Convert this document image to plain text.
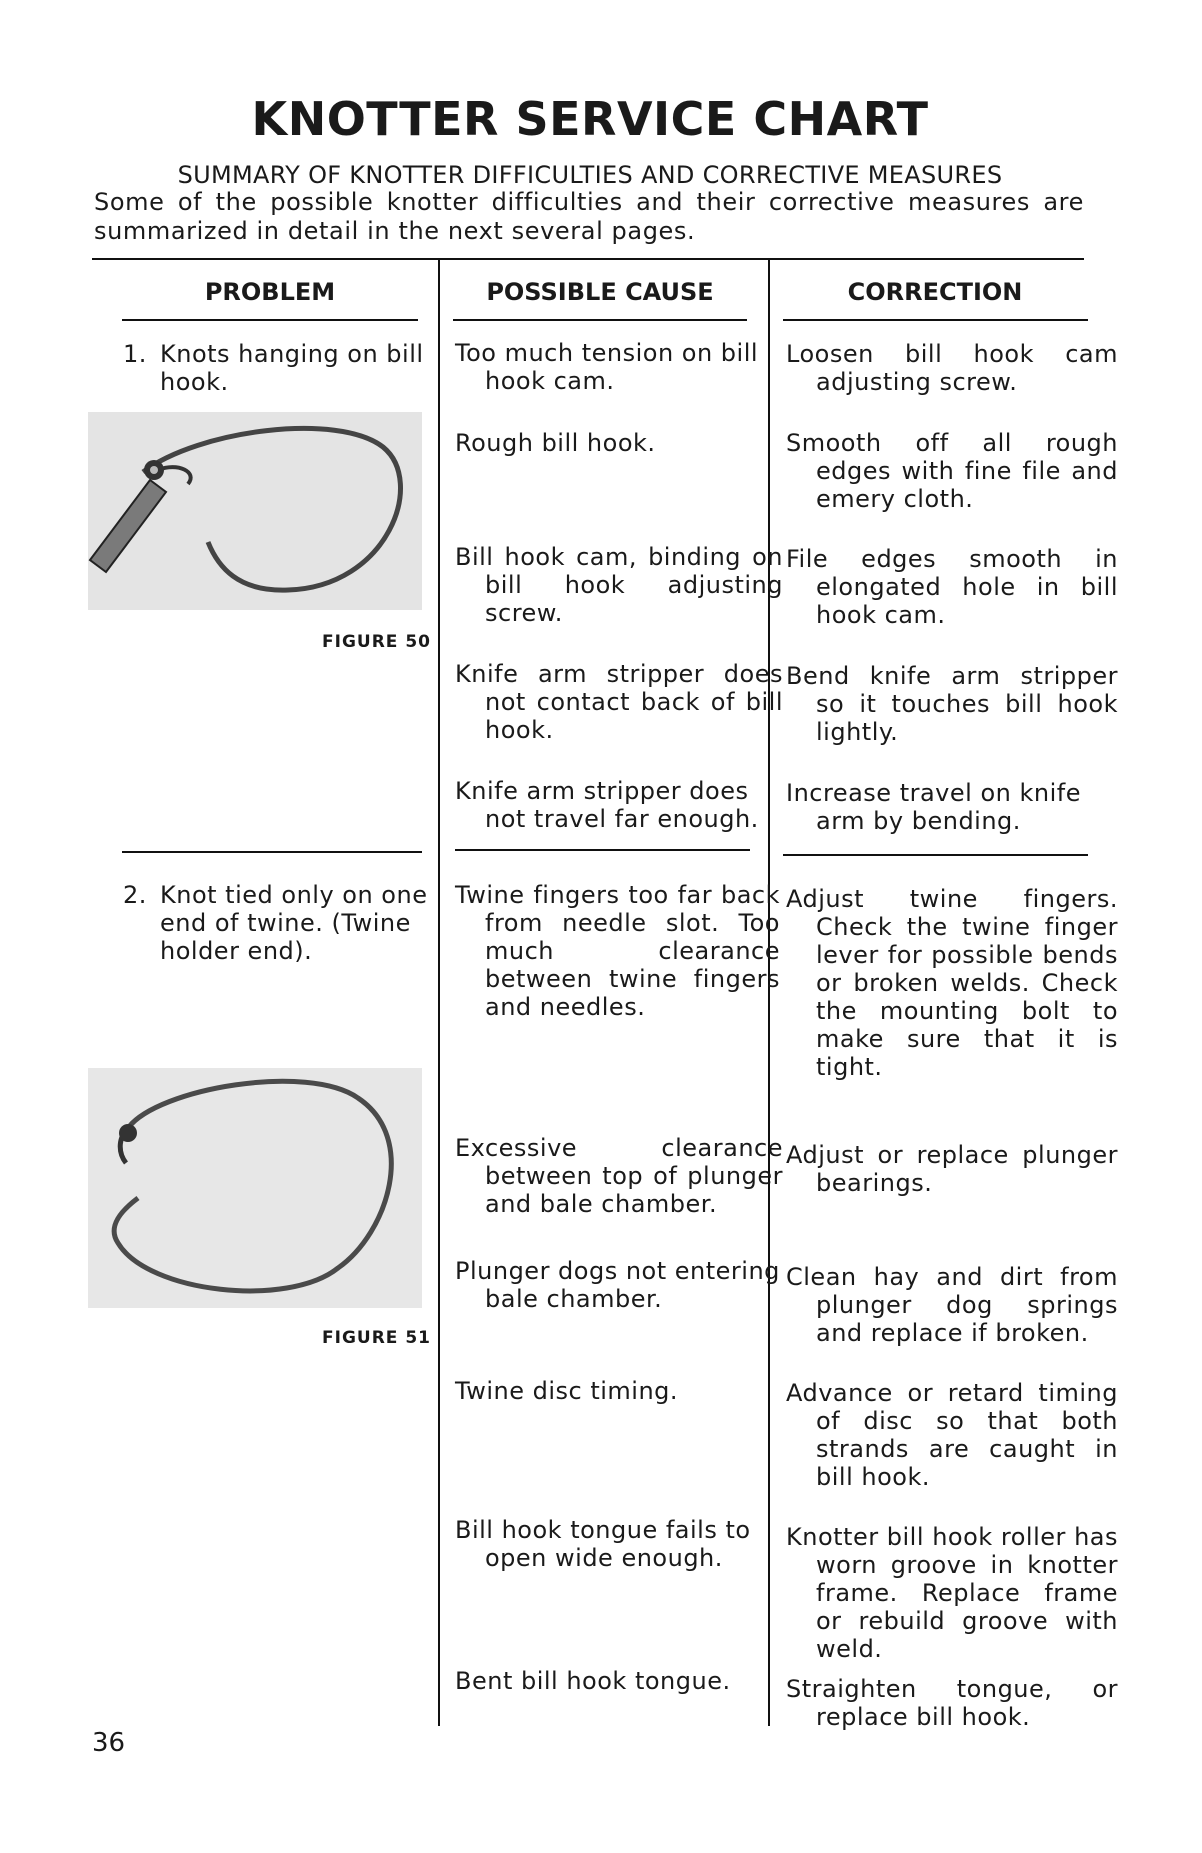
KNOTTER SERVICE CHART
SUMMARY OF KNOTTER DIFFICULTIES AND CORRECTIVE MEASURES
Some of the possible knotter difficulties and their corrective measures are summarized in detail in the next several pages.
PROBLEM	POSSIBLE CAUSE	CORRECTION
1. Knots hanging on bill hook.
FIGURE 50
2. Knot tied only on one end of twine. (Twine holder end).
FIGURE 51
Too much tension on bill hook cam.
Rough bill hook.
Bill hook cam, binding on bill hook adjusting screw.
Knife arm stripper does not contact back of bill hook.
Knife arm stripper does not travel far enough.
Twine fingers too far back from needle slot. Too much clearance between twine fingers and needles.
Excessive clearance between top of plunger and bale chamber.
Plunger dogs not entering bale chamber.
Twine disc timing.
Bill hook tongue fails to open wide enough.
Bent bill hook tongue.
Loosen bill hook cam adjusting screw.
Smooth off all rough edges with fine file and emery cloth.
File edges smooth in elongated hole in bill hook cam.
Bend knife arm stripper so it touches bill hook lightly.
Increase travel on knife arm by bending.
Adjust twine fingers. Check the twine finger lever for possible bends or broken welds. Check the mounting bolt to make sure that it is tight.
Adjust or replace plunger bearings.
Clean hay and dirt from plunger dog springs and replace if broken.
Advance or retard timing of disc so that both strands are caught in bill hook.
Knotter bill hook roller has worn groove in knotter frame. Replace frame or rebuild groove with weld.
Straighten tongue, or replace bill hook.
36
